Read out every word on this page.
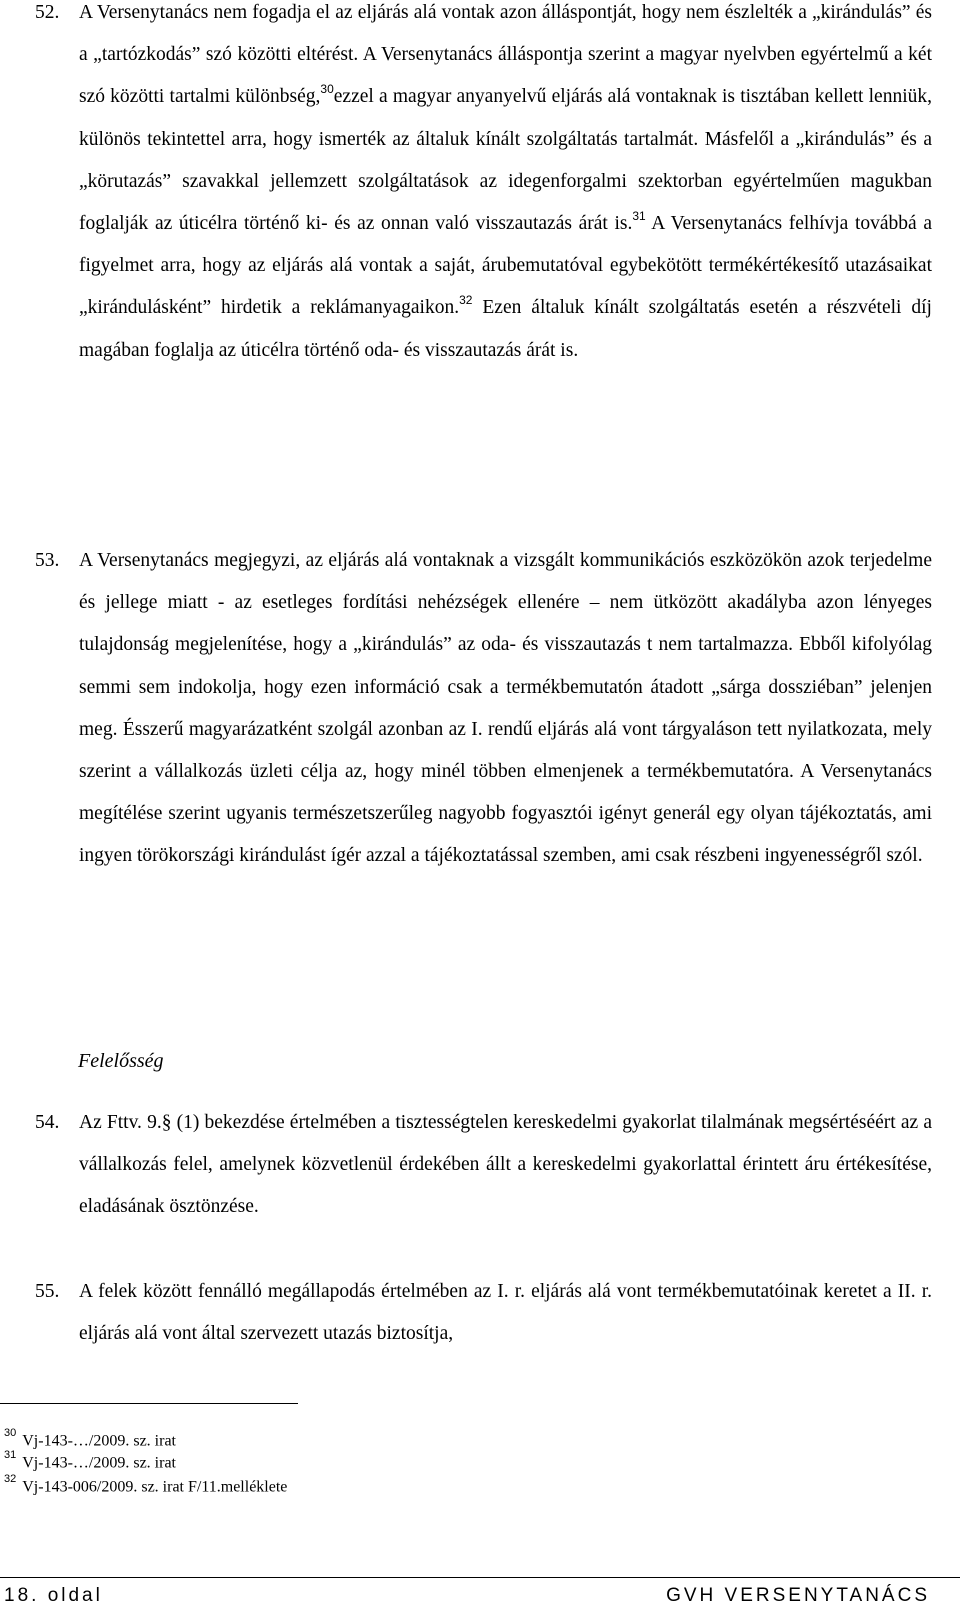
52.	A Versenytanács nem fogadja el az eljárás alá vontak azon álláspontját, hogy nem észlelték a „kirándulás” és a „tartózkodás” szó közötti eltérést. A Versenytanács álláspontja szerint a magyar nyelvben egyértelmű a két szó közötti tartalmi különbség,$^{30}$ezzel a magyar anyanyelvű eljárás alá vontaknak is tisztában kellett lenniük, különös tekintettel arra, hogy ismerték az általuk kínált szolgáltatás tartalmát. Másfelől a „kirándulás” és a „körutazás” szavakkal jellemzett szolgáltatások az idegenforgalmi szektorban egyértelműen magukban foglalják az úticélra történő ki- és az onnan való visszautazás árát is.$^{31}$ A Versenytanács felhívja továbbá a figyelmet arra, hogy az eljárás alá vontak a saját, árubemutatóval egybekötött termékértékesítő utazásaikat „kirándulásként” hirdetik a reklámanyagaikon.$^{32}$ Ezen általuk kínált szolgáltatás esetén a részvételi díj magában foglalja az úticélra történő oda- és visszautazás árát is.
53.	A Versenytanács megjegyzi, az eljárás alá vontaknak a vizsgált kommunikációs eszközökön azok terjedelme és jellege miatt - az esetleges fordítási nehézségek ellenére – nem ütközött akadályba azon lényeges tulajdonság megjelenítése, hogy a „kirándulás” az oda- és visszautazás t nem tartalmazza. Ebből kifolyólag semmi sem indokolja, hogy ezen információ csak a termékbemutatón átadott „sárga dossziéban” jelenjen meg. Ésszerű magyarázatként szolgál azonban az I. rendű eljárás alá vont tárgyaláson tett nyilatkozata, mely szerint a vállalkozás üzleti célja az, hogy minél többen elmenjenek a termékbemutatóra. A Versenytanács megítélése szerint ugyanis természetszerűleg nagyobb fogyasztói igényt generál egy olyan tájékoztatás, ami ingyen törökországi kirándulást ígér azzal a tájékoztatással szemben, ami csak részbeni ingyenességről szól.
Felelősség
54.	Az Fttv. 9.§ (1) bekezdése értelmében a tisztességtelen kereskedelmi gyakorlat tilalmának megsértéséért az a vállalkozás felel, amelynek közvetlenül érdekében állt a kereskedelmi gyakorlattal érintett áru értékesítése, eladásának ösztönzése.
55.	A felek között fennálló megállapodás értelmében az I. r. eljárás alá vont termékbemutatóinak keretet a II. r. eljárás alá vont által szervezett utazás biztosítja,
$^{30}$ Vj-143-…/2009. sz. irat
$^{31}$ Vj-143-…/2009. sz. irat
$^{32}$ Vj-143-006/2009. sz. irat F/11.melléklete
18. oldal	GVH VERSENYTANÁCS
